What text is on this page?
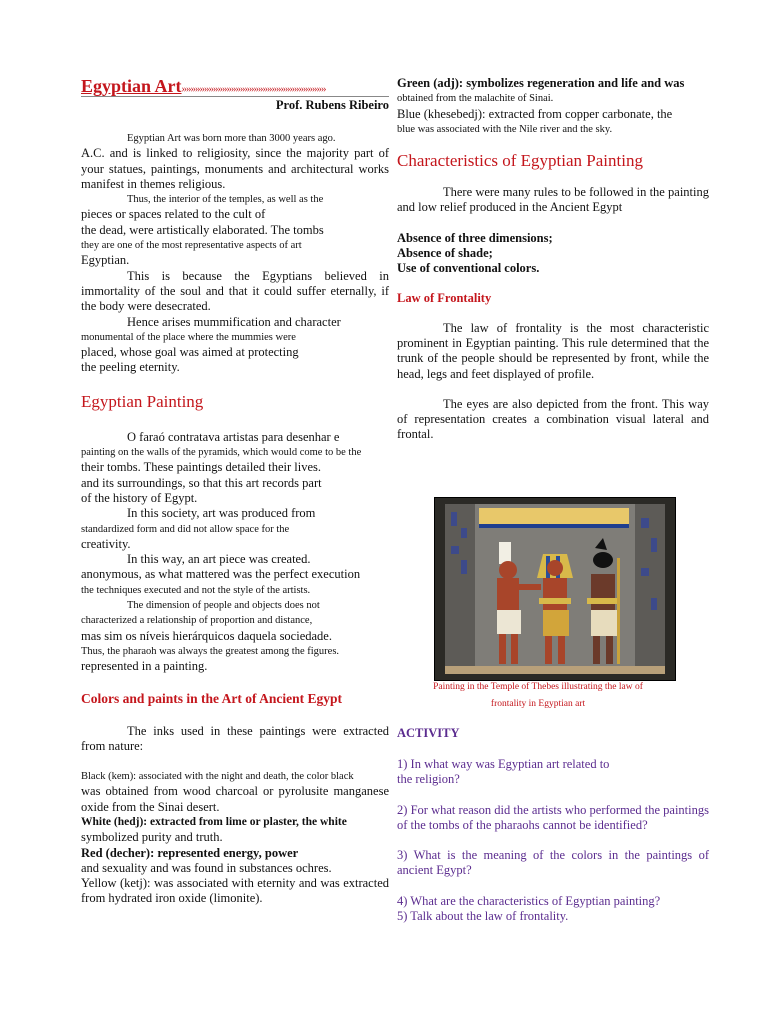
Egyptian Art»»»»»»»»»»»»»»»»»»»»»»»»»»»»»»»»
Prof. Rubens Ribeiro

Egyptian Art was born more than 3000 years ago.

A.C. and is linked to religiosity, since the majority part of your statues, paintings, monuments and architectural works manifest in themes religious.

Thus, the interior of the temples, as well as the

pieces or spaces related to the cult of

the dead, were artistically elaborated. The tombs

they are one of the most representative aspects of art

Egyptian.

This is because the Egyptians believed in immortality of the soul and that it could suffer eternally, if the body were desecrated.

Hence arises mummification and character

monumental of the place where the mummies were

placed, whose goal was aimed at protecting

the peeling eternity.

Egyptian Painting

O faraó contratava artistas para desenhar e

painting on the walls of the pyramids, which would come to be the

their tombs. These paintings detailed their lives.

and its surroundings, so that this art records part

of the history of Egypt.

In this society, art was produced from

standardized form and did not allow space for the

creativity.

In this way, an art piece was created.

anonymous, as what mattered was the perfect execution

the techniques executed and not the style of the artists.

The dimension of people and objects does not

characterized a relationship of proportion and distance,

mas sim os níveis hierárquicos daquela sociedade.

Thus, the pharaoh was always the greatest among the figures.

represented in a painting.

Colors and paints in the Art of Ancient Egypt

The inks used in these paintings were extracted from nature:

Black (kem): associated with the night and death, the color black

was obtained from wood charcoal or pyrolusite manganese oxide from the Sinai desert.

White (hedj): extracted from lime or plaster, the white

symbolized purity and truth.

Red (decher): represented energy, power

and sexuality and was found in substances ochres.

Yellow (ketj): was associated with eternity and was extracted from hydrated iron oxide (limonite).

Green (adj): symbolizes regeneration and life and was

obtained from the malachite of Sinai.

Blue (khesebedj): extracted from copper carbonate, the

blue was associated with the Nile river and the sky.

Characteristics of Egyptian Painting

There were many rules to be followed in the painting and low relief produced in the Ancient Egypt

Absence of three dimensions;

Absence of shade;

Use of conventional colors.

Law of Frontality

The law of frontality is the most characteristic prominent in Egyptian painting. This rule determined that the trunk of the people should be represented by front, while the head, legs and feet displayed of profile.

The eyes are also depicted from the front. This way of representation creates a combination visual lateral and frontal.

Painting in the Temple of Thebes illustrating the law of
frontality in Egyptian art
ACTIVITY

1) In what way was Egyptian art related to

the religion?

2) For what reason did the artists who performed the paintings of the tombs of the pharaohs cannot be identified?

3) What is the meaning of the colors in the paintings of ancient Egypt?

4) What are the characteristics of Egyptian painting?

5) Talk about the law of frontality.
